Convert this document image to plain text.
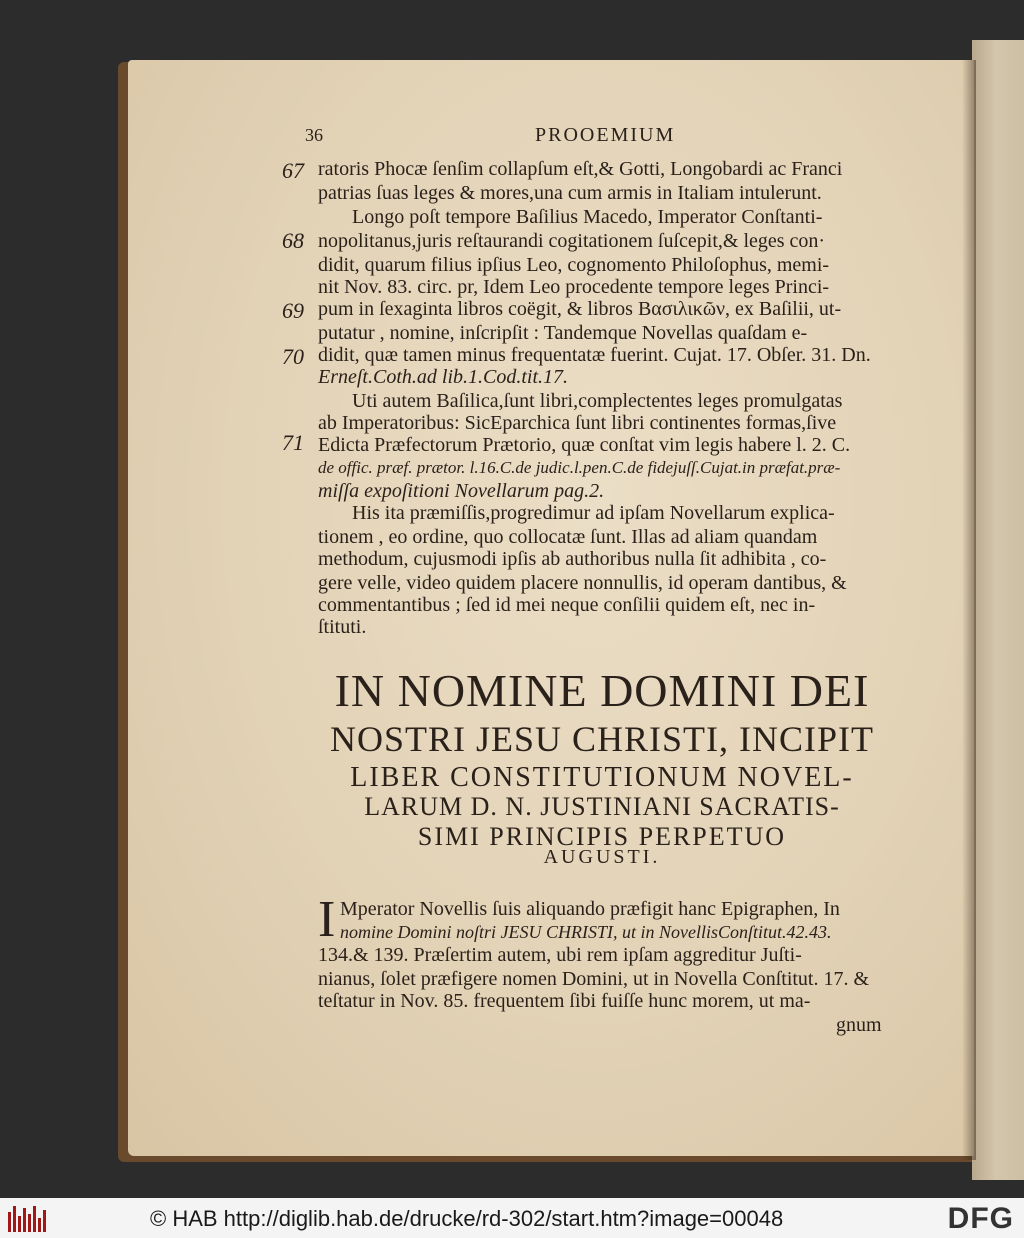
36	PROOEMIUM
67
68
69
70
71
ratoris Phocæ ſenſim collapſum eſt,& Gotti, Longobardi ac Franci
patrias ſuas leges & mores,una cum armis in Italiam intulerunt.
Longo poſt tempore Baſilius Macedo, Imperator Conſtanti-
nopolitanus,juris reſtaurandi cogitationem ſuſcepit,& leges con·
didit, quarum filius ipſius Leo, cognomento Philoſophus, memi-
nit Nov. 83. circ. pr, Idem Leo procedente tempore leges Princi-
pum in ſexaginta libros coëgit, & libros Βασιλικῶν, ex Baſilii, ut-
putatur , nomine, inſcripſit : Tandemque Novellas quaſdam e-
didit, quæ tamen minus frequentatæ fuerint. Cujat. 17. Obſer. 31. Dn.
Erneſt.Coth.ad lib.1.Cod.tit.17.
Uti autem Baſilica,ſunt libri,complectentes leges promulgatas
ab Imperatoribus: SicEparchica ſunt libri continentes formas,ſive
Edicta Præfectorum Prætorio, quæ conſtat vim legis habere l. 2. C.
de offic. præf. prætor. l.16.C.de judic.l.pen.C.de fidejuſſ.Cujat.in præfat.præ-
miſſa expoſitioni Novellarum pag.2.
His ita præmiſſis,progredimur ad ipſam Novellarum explica-
tionem , eo ordine, quo collocatæ ſunt. Illas ad aliam quandam
methodum, cujusmodi ipſis ab authoribus nulla ſit adhibita , co-
gere velle, video quidem placere nonnullis, id operam dantibus, &
commentantibus ; ſed id mei neque conſilii quidem eſt, nec in-
ſtituti.
IN NOMINE DOMINI DEI
NOSTRI JESU CHRISTI, INCIPIT
LIBER CONSTITUTIONUM NOVEL-
LARUM D. N. JUSTINIANI SACRATIS-
SIMI PRINCIPIS PERPETUO
AUGUSTI.
I Mperator Novellis ſuis aliquando præfigit hanc Epigraphen, In
nomine Domini noſtri JESU CHRISTI, ut in NovellisConſtitut.42.43.
134.& 139. Præſertim autem, ubi rem ipſam aggreditur Juſti-
nianus, ſolet præfigere nomen Domini, ut in Novella Conſtitut. 17. &
teſtatur in Nov. 85. frequentem ſibi fuiſſe hunc morem, ut ma-
gnum
© HAB http://diglib.hab.de/drucke/rd-302/start.htm?image=00048	DFG
